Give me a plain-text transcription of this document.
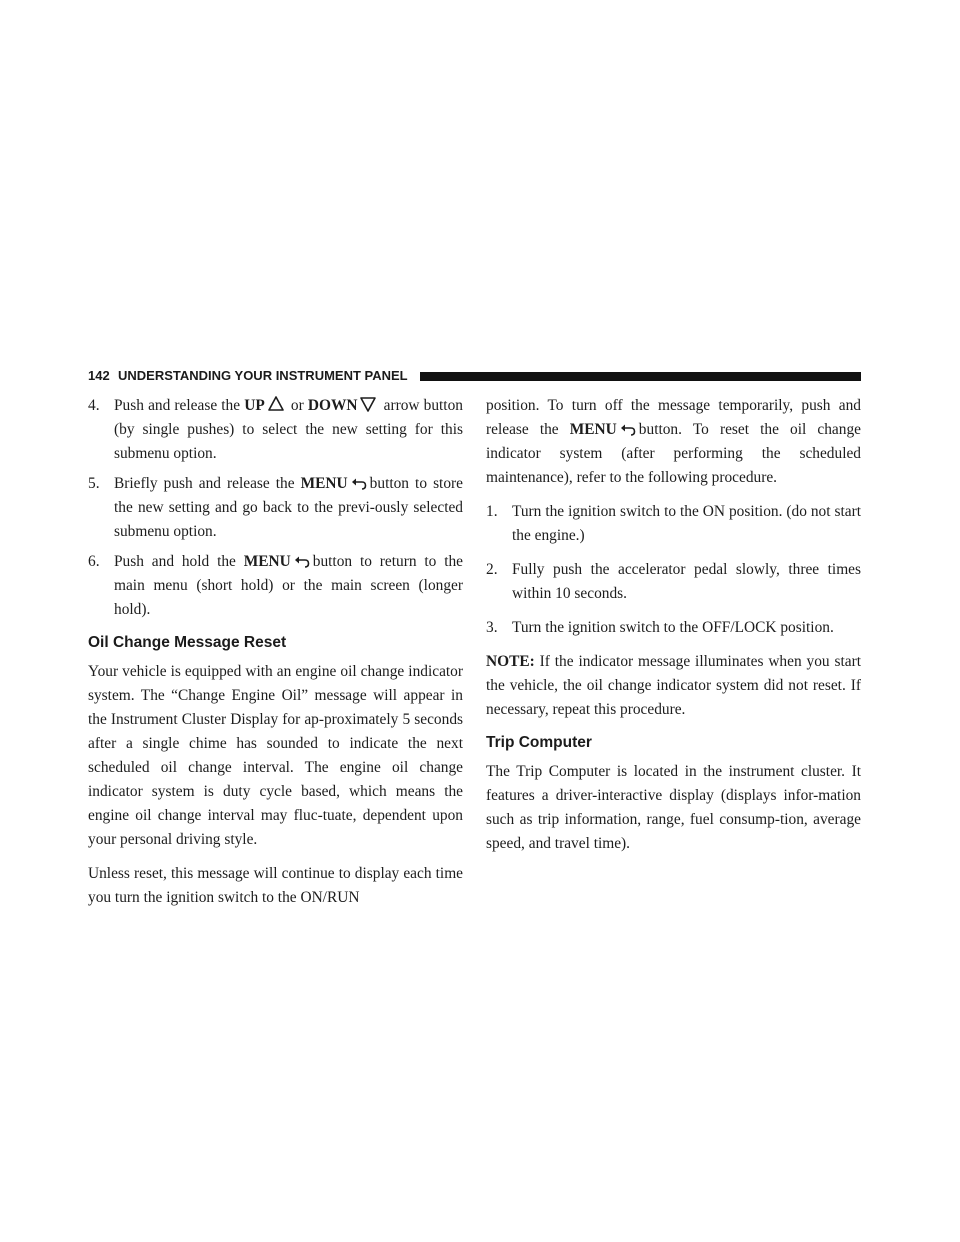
142 UNDERSTANDING YOUR INSTRUMENT PANEL
4. Push and release the UP or DOWN arrow button (by single pushes) to select the new setting for this submenu option.
5. Briefly push and release the MENU button to store the new setting and go back to the previ-ously selected submenu option.
6. Push and hold the MENU button to return to the main menu (short hold) or the main screen (longer hold).
Oil Change Message Reset

Your vehicle is equipped with an engine oil change indicator system. The “Change Engine Oil” message will appear in the Instrument Cluster Display for ap-proximately 5 seconds after a single chime has sounded to indicate the next scheduled oil change interval. The engine oil change indicator system is duty cycle based, which means the engine oil change interval may fluc-tuate, dependent upon your personal driving style.

Unless reset, this message will continue to display each time you turn the ignition switch to the ON/RUN

position. To turn off the message temporarily, push and release the MENU button. To reset the oil change indicator system (after performing the scheduled maintenance), refer to the following procedure.

1. Turn the ignition switch to the ON position. (do not start the engine.)
2. Fully push the accelerator pedal slowly, three times within 10 seconds.
3. Turn the ignition switch to the OFF/LOCK position.

NOTE: If the indicator message illuminates when you start the vehicle, the oil change indicator system did not reset. If necessary, repeat this procedure.

Trip Computer

The Trip Computer is located in the instrument cluster. It features a driver-interactive display (displays infor-mation such as trip information, range, fuel consump-tion, average speed, and travel time).
